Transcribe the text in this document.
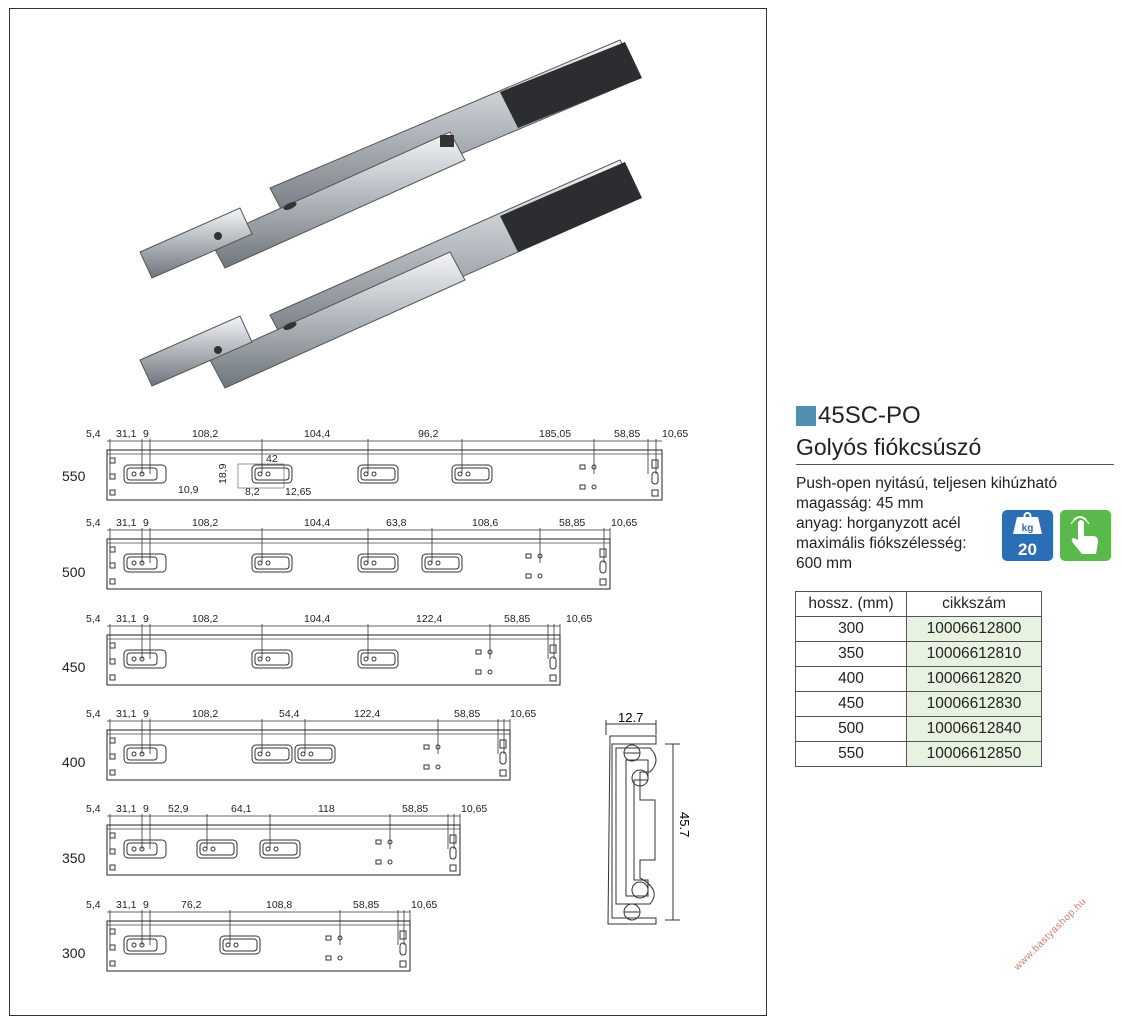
5,4 31,1 9	108,2	104,4	96,2	185,05	58,85 10,65
42
18,9
8,2 12,65
10,9
5,4 31,1 9	108,2	104,4	63,8	108,6	58,85 10,65
5,4 31,1 9	108,2	104,4	122,4	58,85	10,65
5,4 31,1 9	108,2	54,4	122,4	58,85	10,65
5,4 31,1 9 52,9	64,1	118	58,85	10,65
5,4 31,1 9	76,2	108,8	58,85	10,65
550
500
450
400
350
300
12.7
45.7
45SC-PO
Golyós fiókcsúszó
Push-open nyitású, teljesen kihúzható
magasság: 45 mm
anyag: horganyzott acél
maximális fiókszélesség:
600 mm
kg
20
hossz. (mm)	cikkszám
300	10006612800
350	10006612810
400	10006612820
450	10006612830
500	10006612840
550	10006612850
www.bastyashop.hu
